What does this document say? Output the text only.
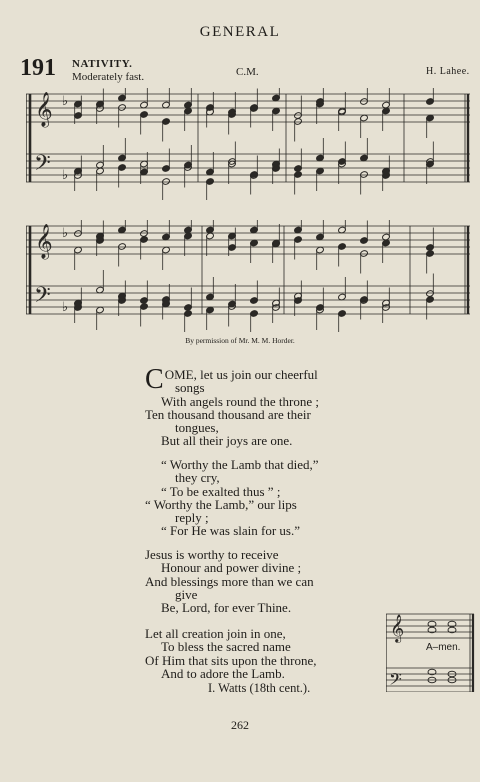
GENERAL
191 NATIVITY.
Moderately fast.	C.M.	H. Lahee.
𝄞
𝄢
♭
♭
𝄞
𝄢
♭
♭
By permission of Mr. M. M. Horder.
COME, let us join our cheerful
songs
With angels round the throne ;
Ten thousand thousand are their
tongues,
But all their joys are one.
“ Worthy the Lamb that died,”
they cry,
“ To be exalted thus ” ;
“ Worthy the Lamb,” our lips
reply ;
“ For He was slain for us.”
Jesus is worthy to receive
Honour and power divine ;
And blessings more than we can
give
Be, Lord, for ever Thine.
Let all creation join in one,
To bless the sacred name
Of Him that sits upon the throne,
And to adore the Lamb.
I. Watts (18th cent.).
𝄞
𝄢
A–men.
262
